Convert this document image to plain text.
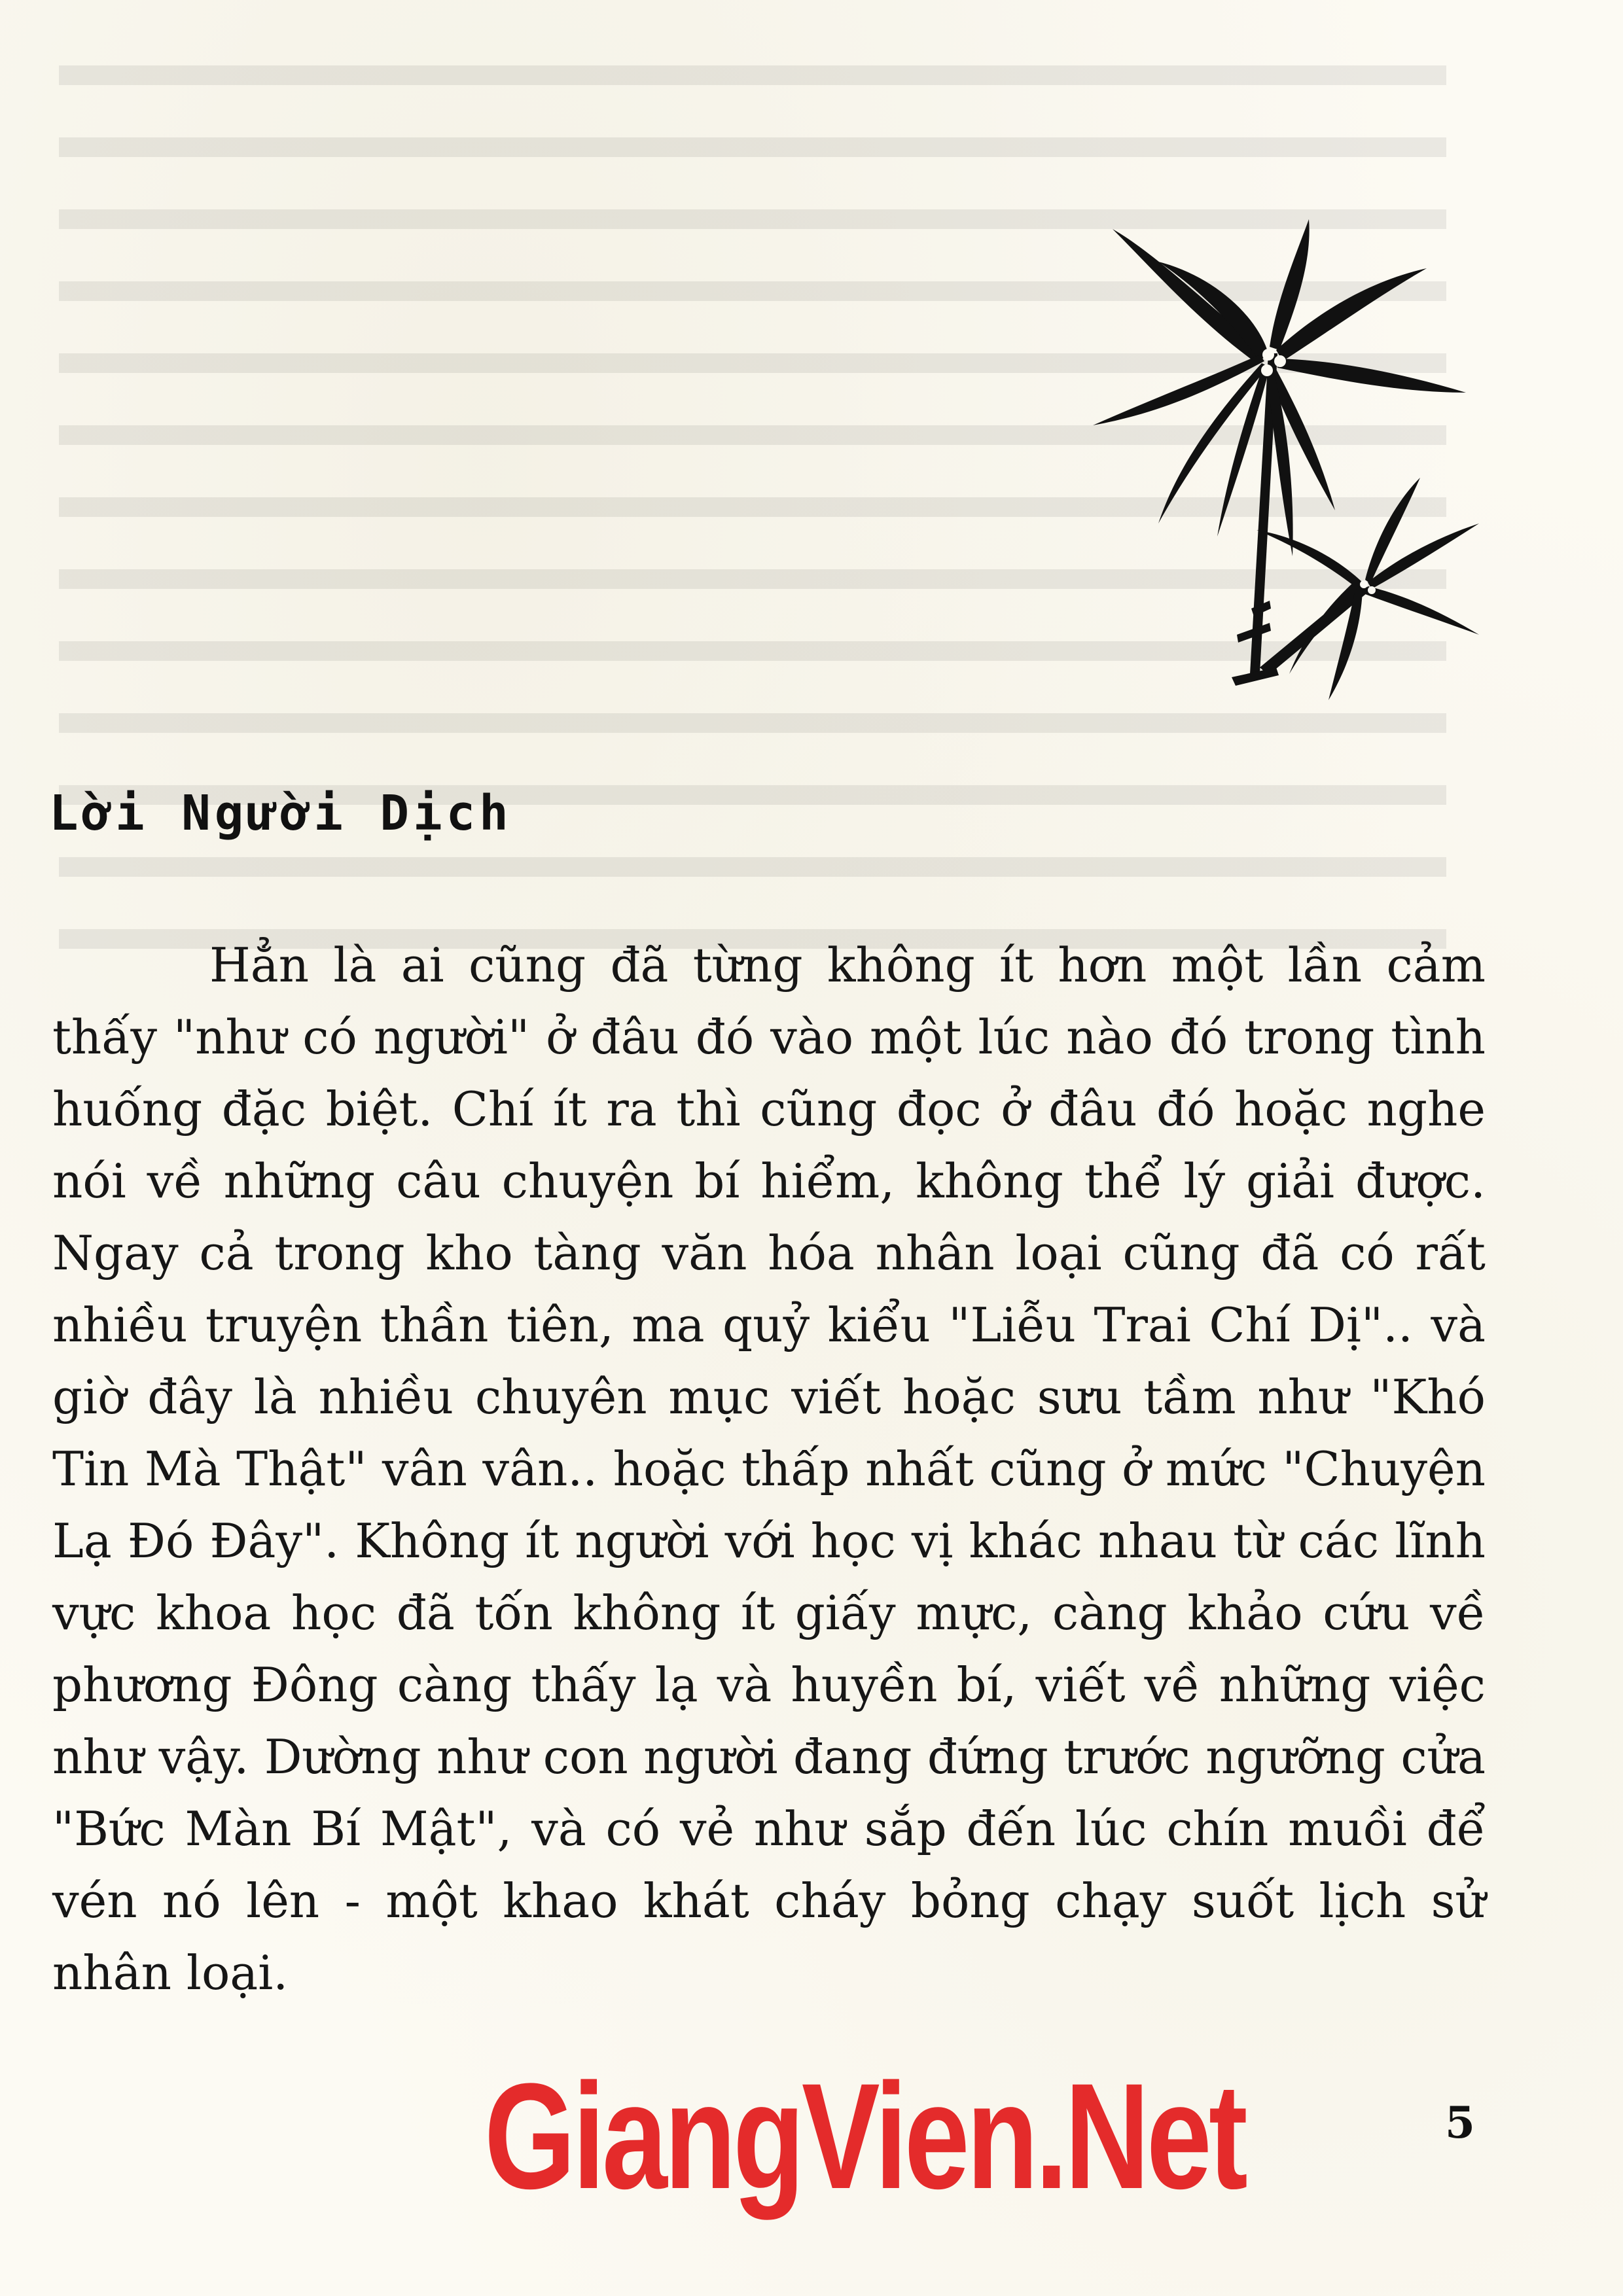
Lời Người Dịch

Hẳn là ai cũng đã từng không ít hơn một lần cảm thấy "như có người" ở đâu đó vào một lúc nào đó trong tình huống đặc biệt. Chí ít ra thì cũng đọc ở đâu đó hoặc nghe nói về những câu chuyện bí hiểm, không thể lý giải được. Ngay cả trong kho tàng văn hóa nhân loại cũng đã có rất nhiều truyện thần tiên, ma quỷ kiểu "Liễu Trai Chí Dị".. và giờ đây là nhiều chuyên mục viết hoặc sưu tầm như "Khó Tin Mà Thật" vân vân.. hoặc thấp nhất cũng ở mức "Chuyện Lạ Đó Đây". Không ít người với học vị khác nhau từ các lĩnh vực khoa học đã tốn không ít giấy mực, càng khảo cứu về phương Đông càng thấy lạ và huyền bí, viết về những việc như vậy. Dường như con người đang đứng trước ngưỡng cửa "Bức Màn Bí Mật", và có vẻ như sắp đến lúc chín muồi để vén nó lên - một khao khát cháy bỏng chạy suốt lịch sử nhân loại.

GiangVien.Net	5
